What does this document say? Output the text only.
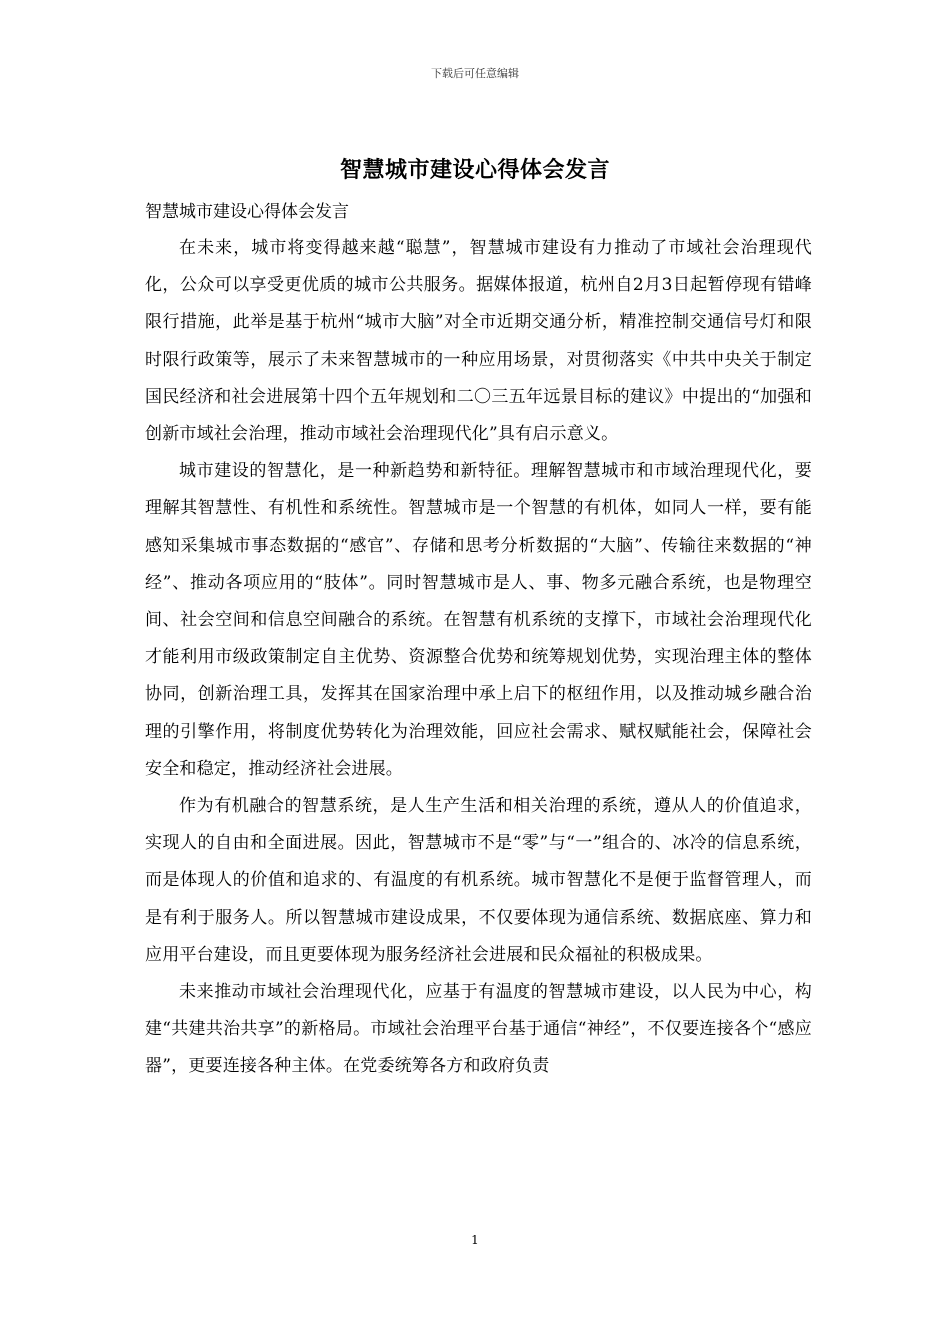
下载后可任意编辑
智慧城市建设心得体会发言
智慧城市建设心得体会发言

在未来，城市将变得越来越“聪慧”，智慧城市建设有力推动了市域社会治理现代化，公众可以享受更优质的城市公共服务。据媒体报道，杭州自2月3日起暂停现有错峰限行措施，此举是基于杭州“城市大脑”对全市近期交通分析，精准控制交通信号灯和限时限行政策等，展示了未来智慧城市的一种应用场景，对贯彻落实《中共中央关于制定国民经济和社会进展第十四个五年规划和二〇三五年远景目标的建议》中提出的“加强和创新市域社会治理，推动市域社会治理现代化”具有启示意义。

城市建设的智慧化，是一种新趋势和新特征。理解智慧城市和市域治理现代化，要理解其智慧性、有机性和系统性。智慧城市是一个智慧的有机体，如同人一样，要有能感知采集城市事态数据的“感官”、存储和思考分析数据的“大脑”、传输往来数据的“神经”、推动各项应用的“肢体”。同时智慧城市是人、事、物多元融合系统，也是物理空间、社会空间和信息空间融合的系统。在智慧有机系统的支撑下，市域社会治理现代化才能利用市级政策制定自主优势、资源整合优势和统筹规划优势，实现治理主体的整体协同，创新治理工具，发挥其在国家治理中承上启下的枢纽作用，以及推动城乡融合治理的引擎作用，将制度优势转化为治理效能，回应社会需求、赋权赋能社会，保障社会安全和稳定，推动经济社会进展。

作为有机融合的智慧系统，是人生产生活和相关治理的系统，遵从人的价值追求，实现人的自由和全面进展。因此，智慧城市不是“零”与“一”组合的、冰冷的信息系统，而是体现人的价值和追求的、有温度的有机系统。城市智慧化不是便于监督管理人，而是有利于服务人。所以智慧城市建设成果，不仅要体现为通信系统、数据底座、算力和应用平台建设，而且更要体现为服务经济社会进展和民众福祉的积极成果。

未来推动市域社会治理现代化，应基于有温度的智慧城市建设，以人民为中心，构建“共建共治共享”的新格局。市域社会治理平台基于通信“神经”，不仅要连接各个“感应器”，更要连接各种主体。在党委统筹各方和政府负责

1
